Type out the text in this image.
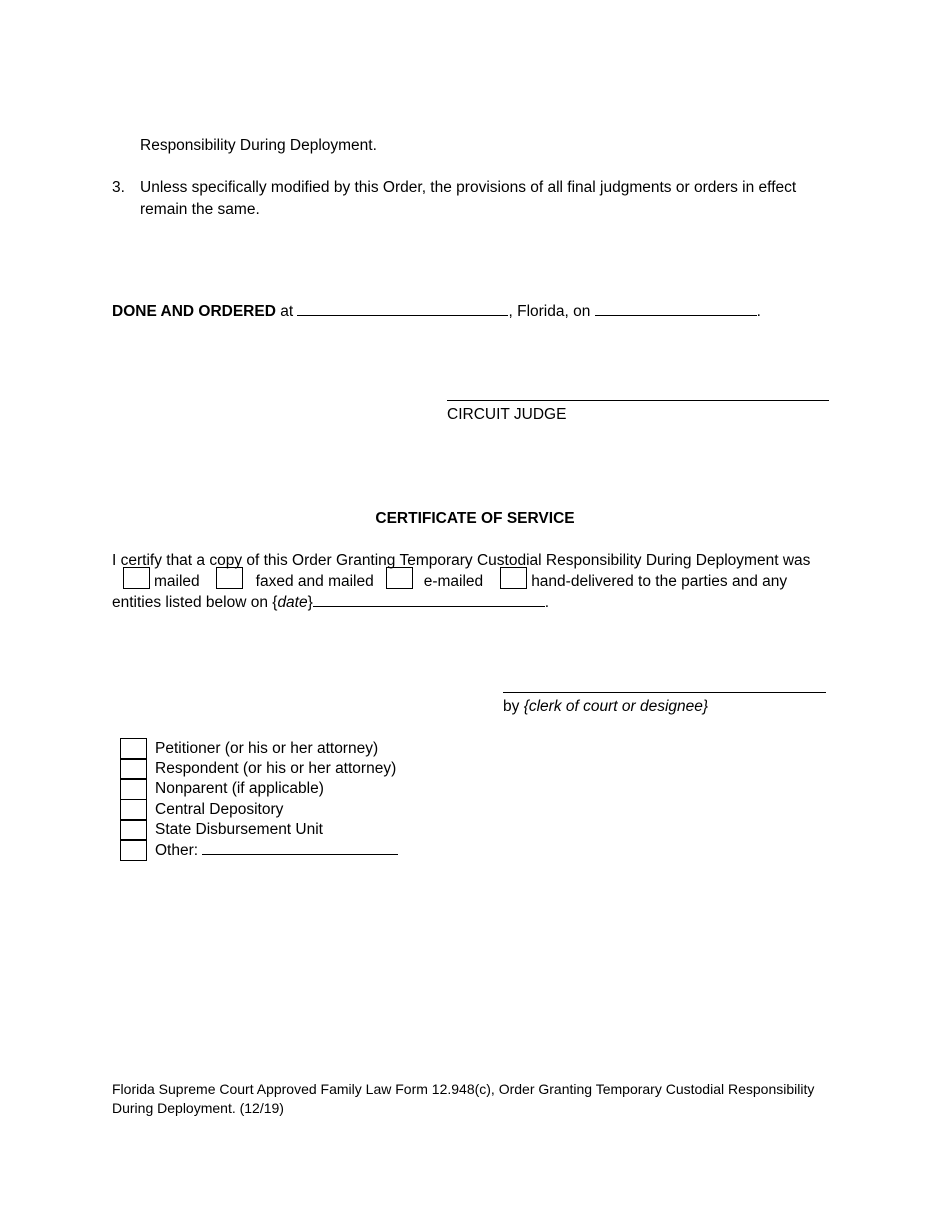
Responsibility During Deployment.
3. Unless specifically modified by this Order, the provisions of all final judgments or orders in effect
remain the same.
DONE AND ORDERED at	, Florida, on	.
CIRCUIT JUDGE
CERTIFICATE OF SERVICE
I certify that a copy of this Order Granting Temporary Custodial Responsibility During Deployment was
mailed	faxed and mailed	e-mailed	hand-delivered to the parties and any
entities listed below on {date}	.
by {clerk of court or designee}
Petitioner (or his or her attorney)
Respondent (or his or her attorney)
Nonparent (if applicable)
Central Depository
State Disbursement Unit
Other:
Florida Supreme Court Approved Family Law Form 12.948(c), Order Granting Temporary Custodial Responsibility
During Deployment. (12/19)
